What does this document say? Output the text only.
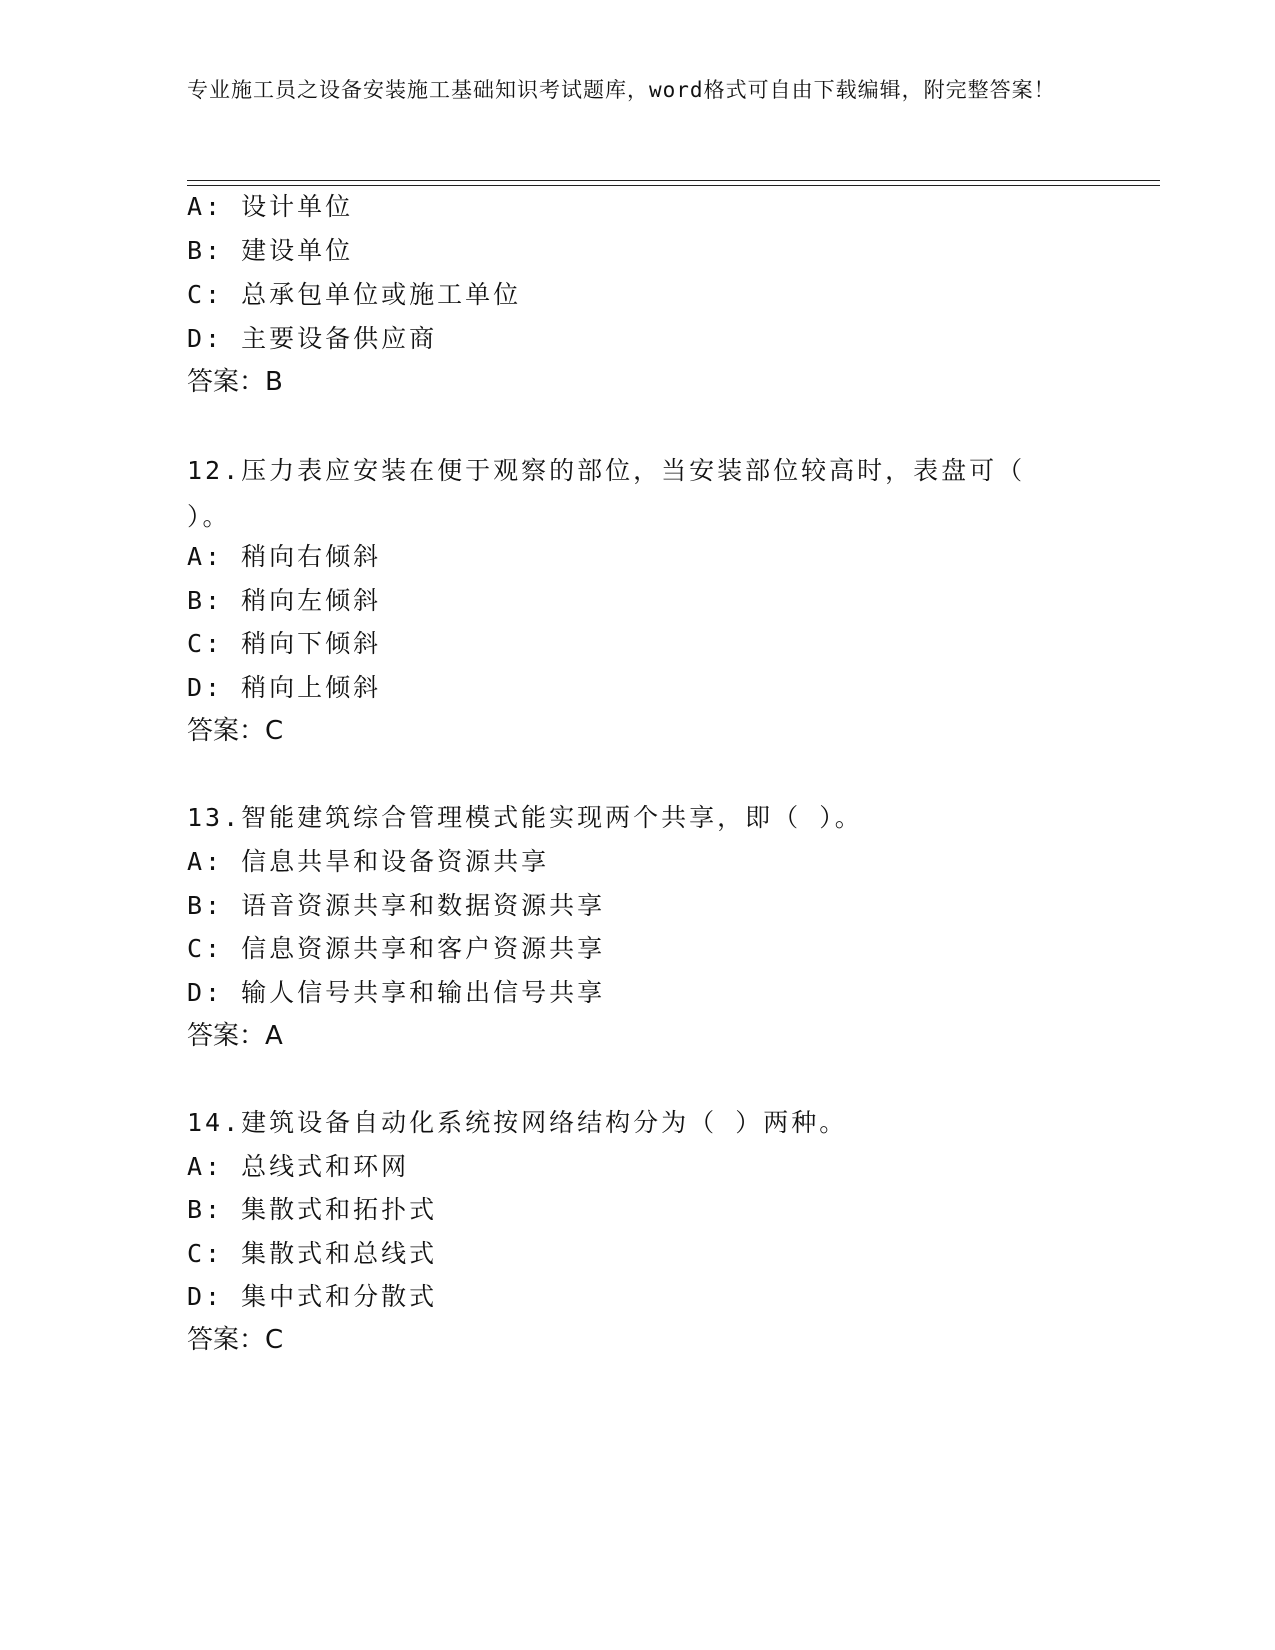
专业施工员之设备安装施工基础知识考试题库，word格式可自由下载编辑，附完整答案！
A: 设计单位
B: 建设单位
C: 总承包单位或施工单位
D: 主要设备供应商
答案：B
12.压力表应安装在便于观察的部位，当安装部位较高时，表盘可（ ）。
A: 稍向右倾斜
B: 稍向左倾斜
C: 稍向下倾斜
D: 稍向上倾斜
答案：C
13.智能建筑综合管理模式能实现两个共享，即（ ）。
A: 信息共旱和设备资源共享
B: 语音资源共享和数据资源共享
C: 信息资源共享和客户资源共享
D: 输人信号共享和输出信号共享
答案：A
14.建筑设备自动化系统按网络结构分为（ ）两种。
A: 总线式和环网
B: 集散式和拓扑式
C: 集散式和总线式
D: 集中式和分散式
答案：C
